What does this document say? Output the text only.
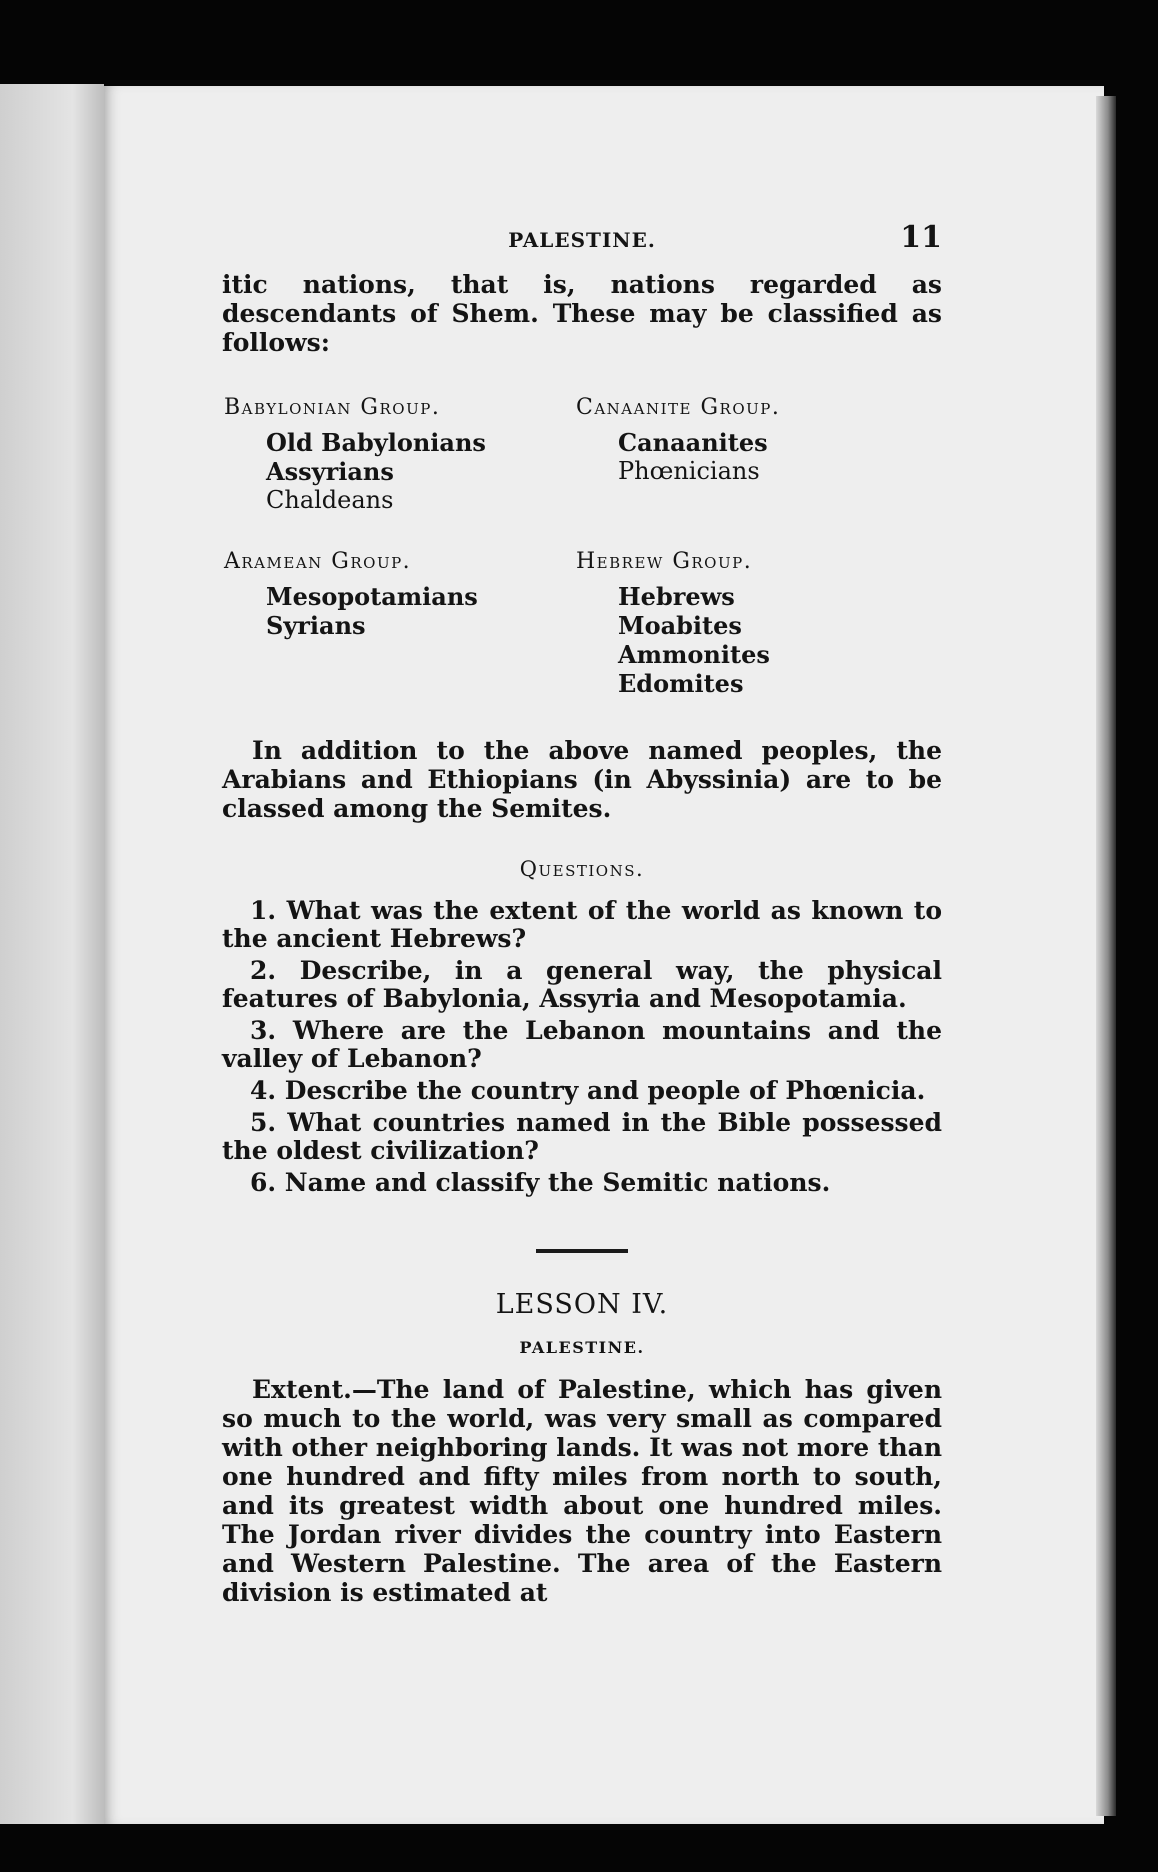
PALESTINE.	11

itic nations, that is, nations regarded as descendants of Shem. These may be classified as follows:

Babylonian Group.
Old Babylonians
Assyrians
Chaldeans
Canaanite Group.
Canaanites
Phœnicians
Aramean Group.
Mesopotamians
Syrians
Hebrew Group.
Hebrews
Moabites
Ammonites
Edomites

In addition to the above named peoples, the Arabians and Ethiopians (in Abyssinia) are to be classed among the Semites.

Questions.

1. What was the extent of the world as known to the ancient Hebrews?

2. Describe, in a general way, the physical features of Babylonia, Assyria and Mesopotamia.

3. Where are the Lebanon mountains and the valley of Lebanon?

4. Describe the country and people of Phœnicia.

5. What countries named in the Bible possessed the oldest civilization?

6. Name and classify the Semitic nations.

LESSON IV.
PALESTINE.

Extent.—The land of Palestine, which has given so much to the world, was very small as compared with other neighboring lands. It was not more than one hundred and fifty miles from north to south, and its greatest width about one hundred miles. The Jordan river divides the country into Eastern and Western Palestine. The area of the Eastern division is estimated at
